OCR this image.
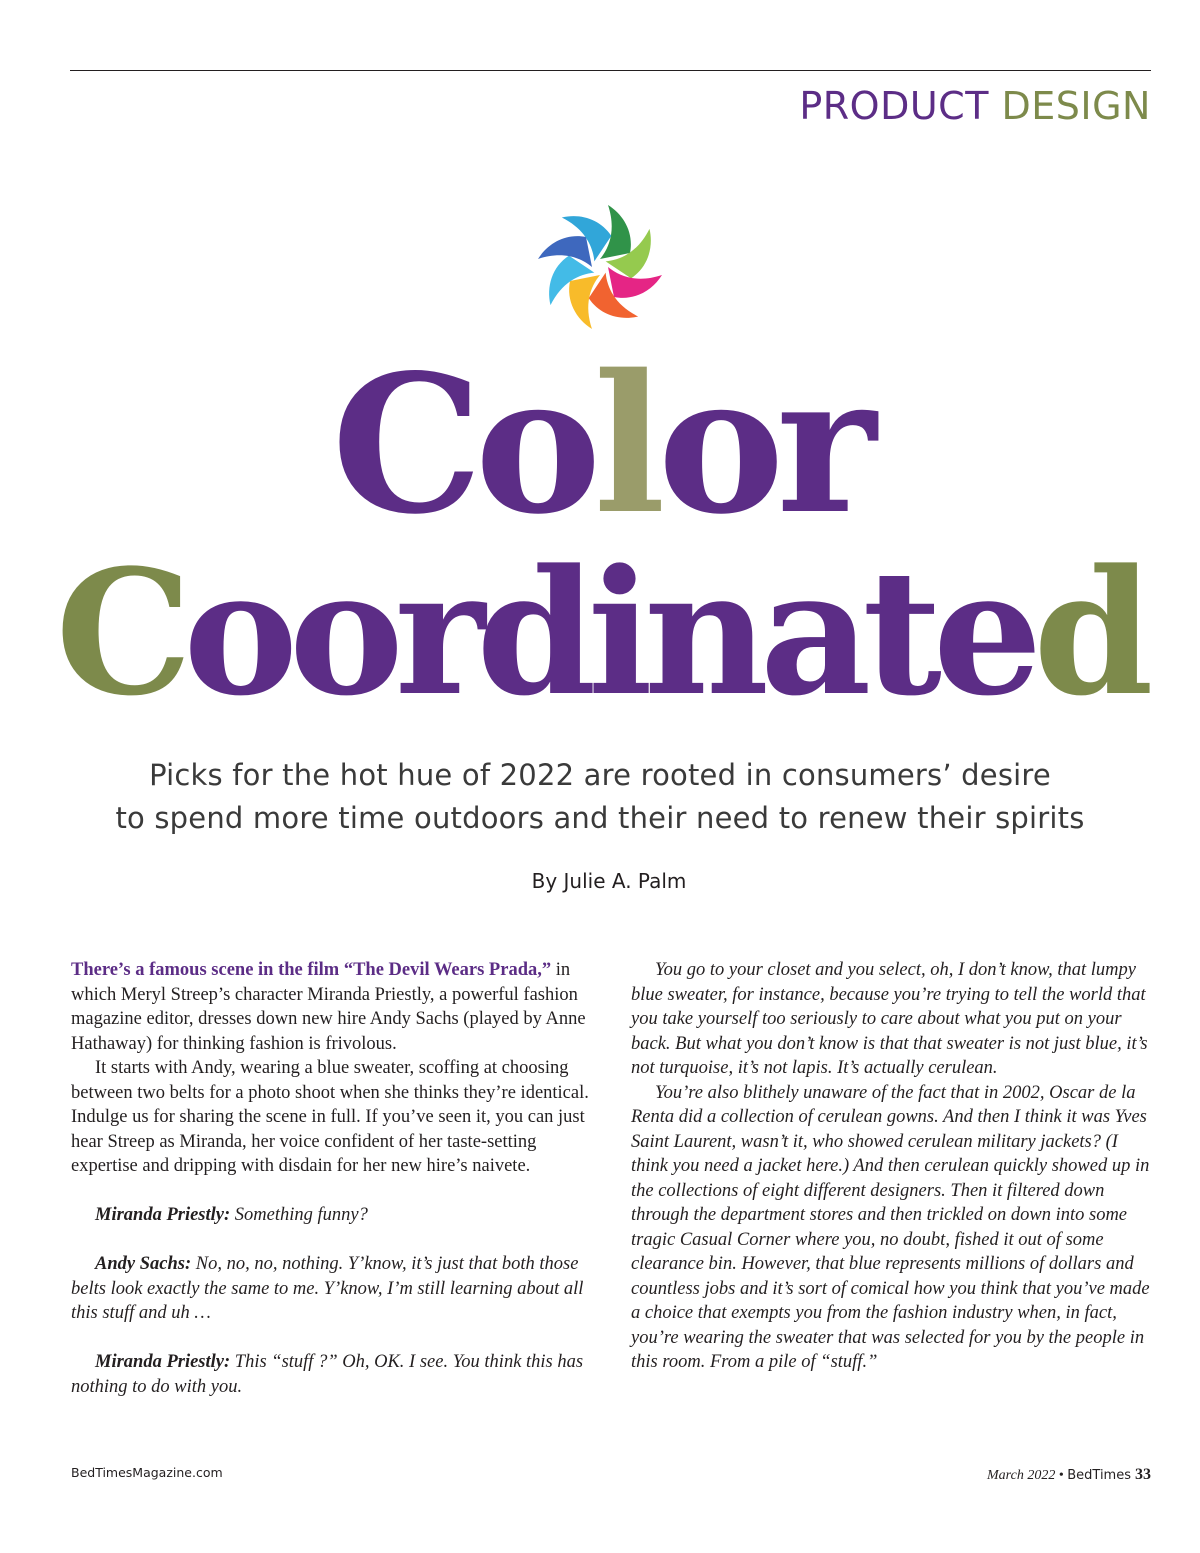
PRODUCT DESIGN
Color
Coordinated
Picks for the hot hue of 2022 are rooted in consumers’ desire
to spend more time outdoors and their need to renew their spirits
By Julie A. Palm

There’s a famous scene in the film “The Devil Wears Prada,” in which Meryl Streep’s character Miranda Priestly, a powerful fashion magazine editor, dresses down new hire Andy Sachs (played by Anne Hathaway) for thinking fashion is frivolous.

It starts with Andy, wearing a blue sweater, scoffing at choosing between two belts for a photo shoot when she thinks they’re identical. Indulge us for sharing the scene in full. If you’ve seen it, you can just hear Streep as Miranda, her voice confident of her taste-setting expertise and dripping with disdain for her new hire’s naivete.

Miranda Priestly: Something funny?

Andy Sachs: No, no, no, nothing. Y’know, it’s just that both those belts look exactly the same to me. Y’know, I’m still learning about all this stuff and uh …

Miranda Priestly: This “stuff ?” Oh, OK. I see. You think this has nothing to do with you.

You go to your closet and you select, oh, I don’t know, that lumpy blue sweater, for instance, because you’re trying to tell the world that you take yourself too seriously to care about what you put on your back. But what you don’t know is that that sweater is not just blue, it’s not turquoise, it’s not lapis. It’s actually cerulean.

You’re also blithely unaware of the fact that in 2002, Oscar de la Renta did a collection of cerulean gowns. And then I think it was Yves Saint Laurent, wasn’t it, who showed cerulean military jackets? (I think you need a jacket here.) And then cerulean quickly showed up in the collections of eight different designers. Then it filtered down through the department stores and then trickled on down into some tragic Casual Corner where you, no doubt, fished it out of some clearance bin. However, that blue represents millions of dollars and countless jobs and it’s sort of comical how you think that you’ve made a choice that exempts you from the fashion industry when, in fact, you’re wearing the sweater that was selected for you by the people in this room. From a pile of “stuff.”

BedTimesMagazine.com	March 2022 • BedTimes 33
